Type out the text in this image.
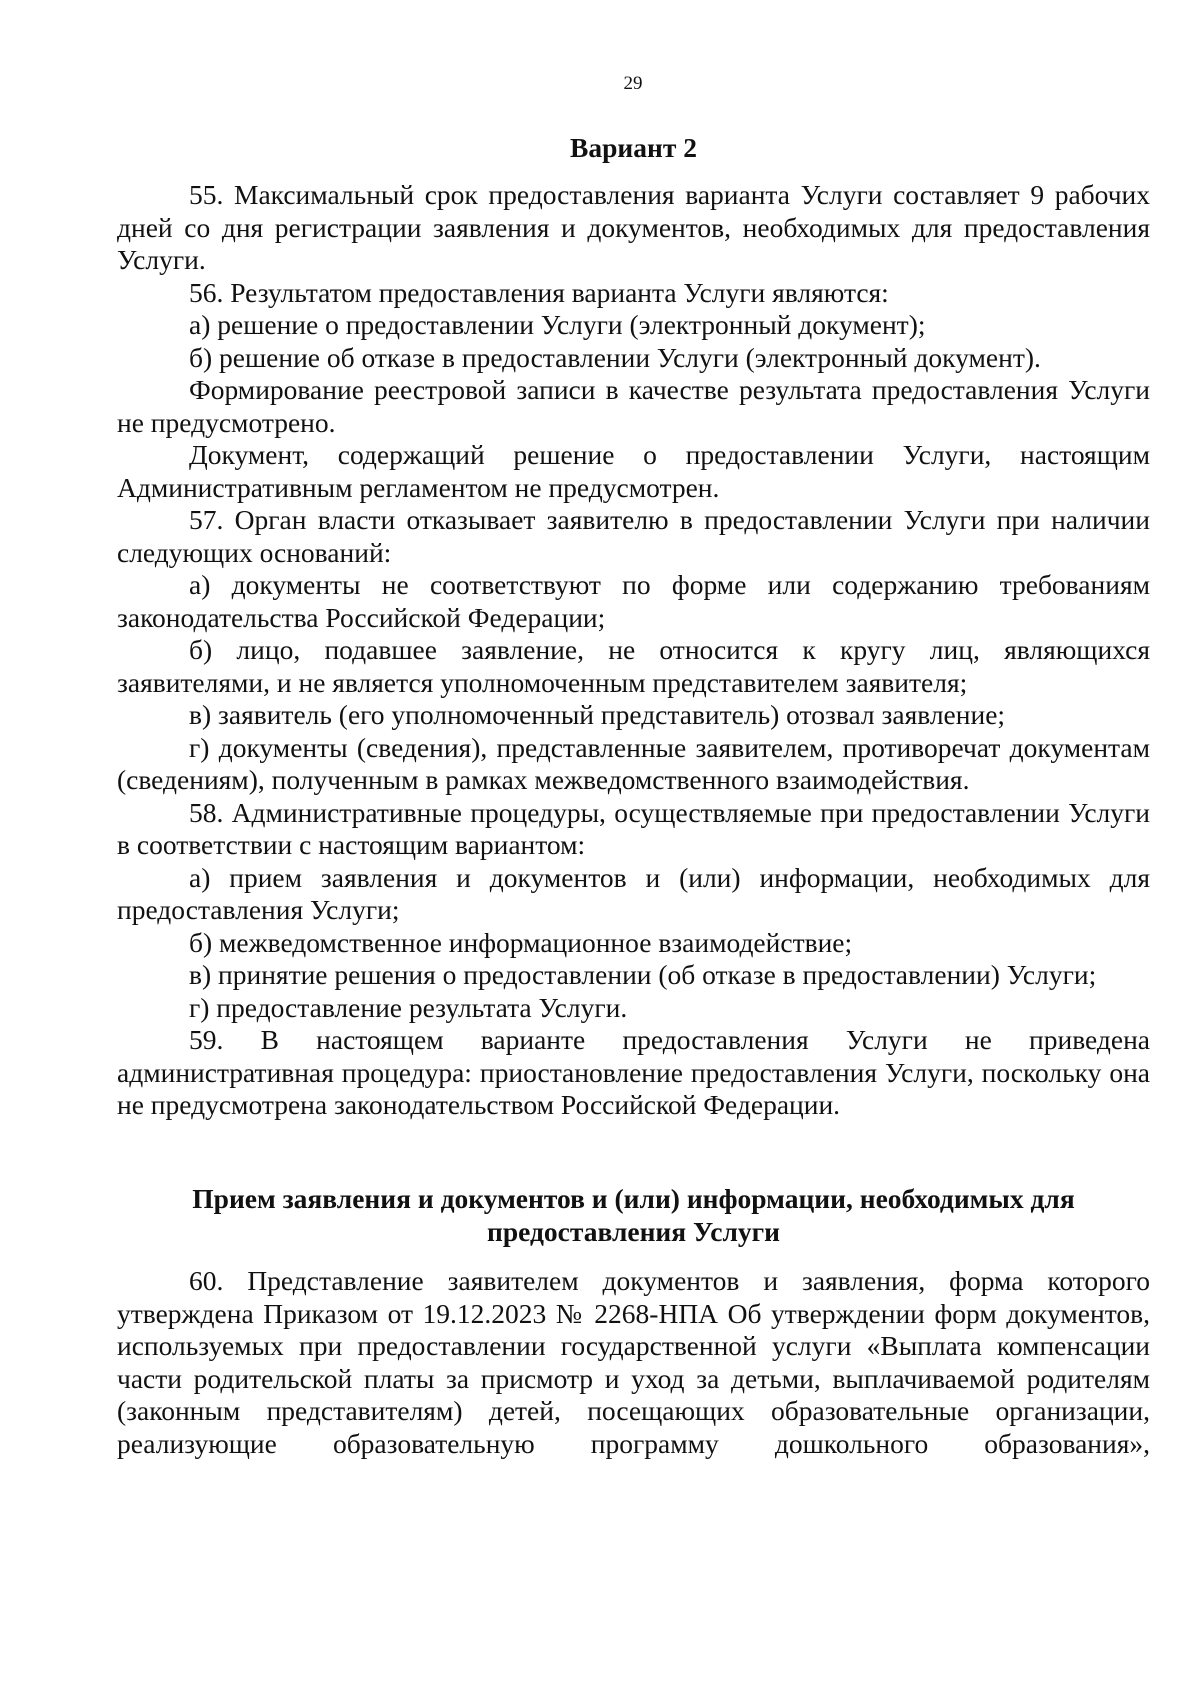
29
Вариант 2

55. Максимальный срок предоставления варианта Услуги составляет 9 рабочих дней со дня регистрации заявления и документов, необходимых для предоставления Услуги.

56. Результатом предоставления варианта Услуги являются:

а) решение о предоставлении Услуги (электронный документ);

б) решение об отказе в предоставлении Услуги (электронный документ).

Формирование реестровой записи в качестве результата предоставления Услуги не предусмотрено.

Документ, содержащий решение о предоставлении Услуги, настоящим Административным регламентом не предусмотрен.

57. Орган власти отказывает заявителю в предоставлении Услуги при наличии следующих оснований:

а) документы не соответствуют по форме или содержанию требованиям законодательства Российской Федерации;

б) лицо, подавшее заявление, не относится к кругу лиц, являющихся заявителями, и не является уполномоченным представителем заявителя;

в) заявитель (его уполномоченный представитель) отозвал заявление;

г) документы (сведения), представленные заявителем, противоречат документам (сведениям), полученным в рамках межведомственного взаимодействия.

58. Административные процедуры, осуществляемые при предоставлении Услуги в соответствии с настоящим вариантом:

а) прием заявления и документов и (или) информации, необходимых для предоставления Услуги;

б) межведомственное информационное взаимодействие;

в) принятие решения о предоставлении (об отказе в предоставлении) Услуги;

г) предоставление результата Услуги.

59. В настоящем варианте предоставления Услуги не приведена административная процедура: приостановление предоставления Услуги, поскольку она не предусмотрена законодательством Российской Федерации.

Прием заявления и документов и (или) информации, необходимых для
предоставления Услуги

60. Представление заявителем документов и заявления, форма которого утверждена Приказом от 19.12.2023 № 2268-НПА Об утверждении форм документов, используемых при предоставлении государственной услуги «Выплата компенсации части родительской платы за присмотр и уход за детьми, выплачиваемой родителям (законным представителям) детей, посещающих образовательные организации, реализующие образовательную программу дошкольного образования»,
